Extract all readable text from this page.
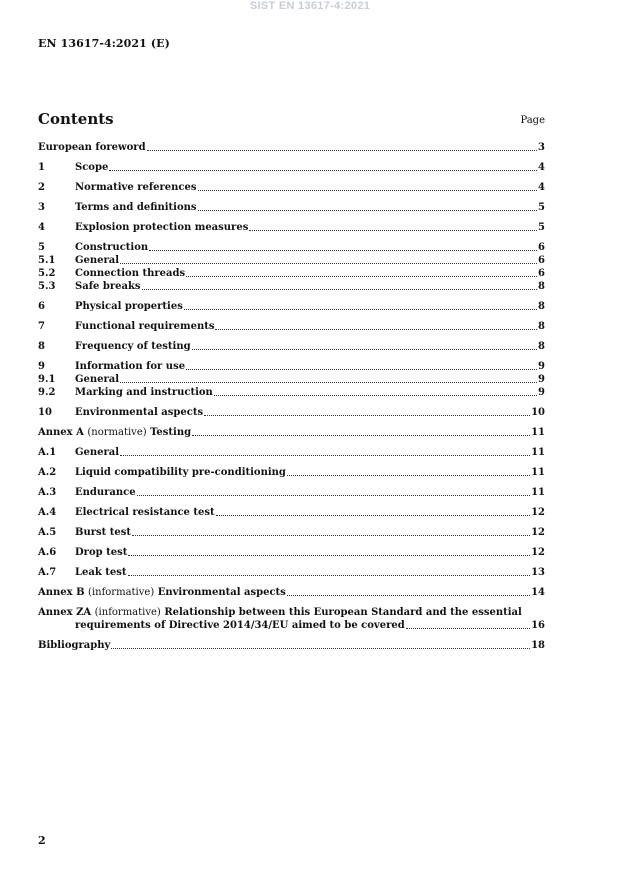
SIST EN 13617-4:2021
EN 13617-4:2021 (E)
Contents	Page
European foreword	3
1	Scope	4
2	Normative references	4
3	Terms and definitions	5
4	Explosion protection measures	5
5	Construction	6
5.1	General	6
5.2	Connection threads	6
5.3	Safe breaks	8
6	Physical properties	8
7	Functional requirements	8
8	Frequency of testing	8
9	Information for use	9
9.1	General	9
9.2	Marking and instruction	9
10	Environmental aspects	10
Annex A (normative) Testing	11
A.1	General	11
A.2	Liquid compatibility pre-conditioning	11
A.3	Endurance	11
A.4	Electrical resistance test	12
A.5	Burst test	12
A.6	Drop test	12
A.7	Leak test	13
Annex B (informative) Environmental aspects	14
Annex ZA (informative) Relationship between this European Standard and the essential
requirements of Directive 2014/34/EU aimed to be covered	16
Bibliography	18
2
